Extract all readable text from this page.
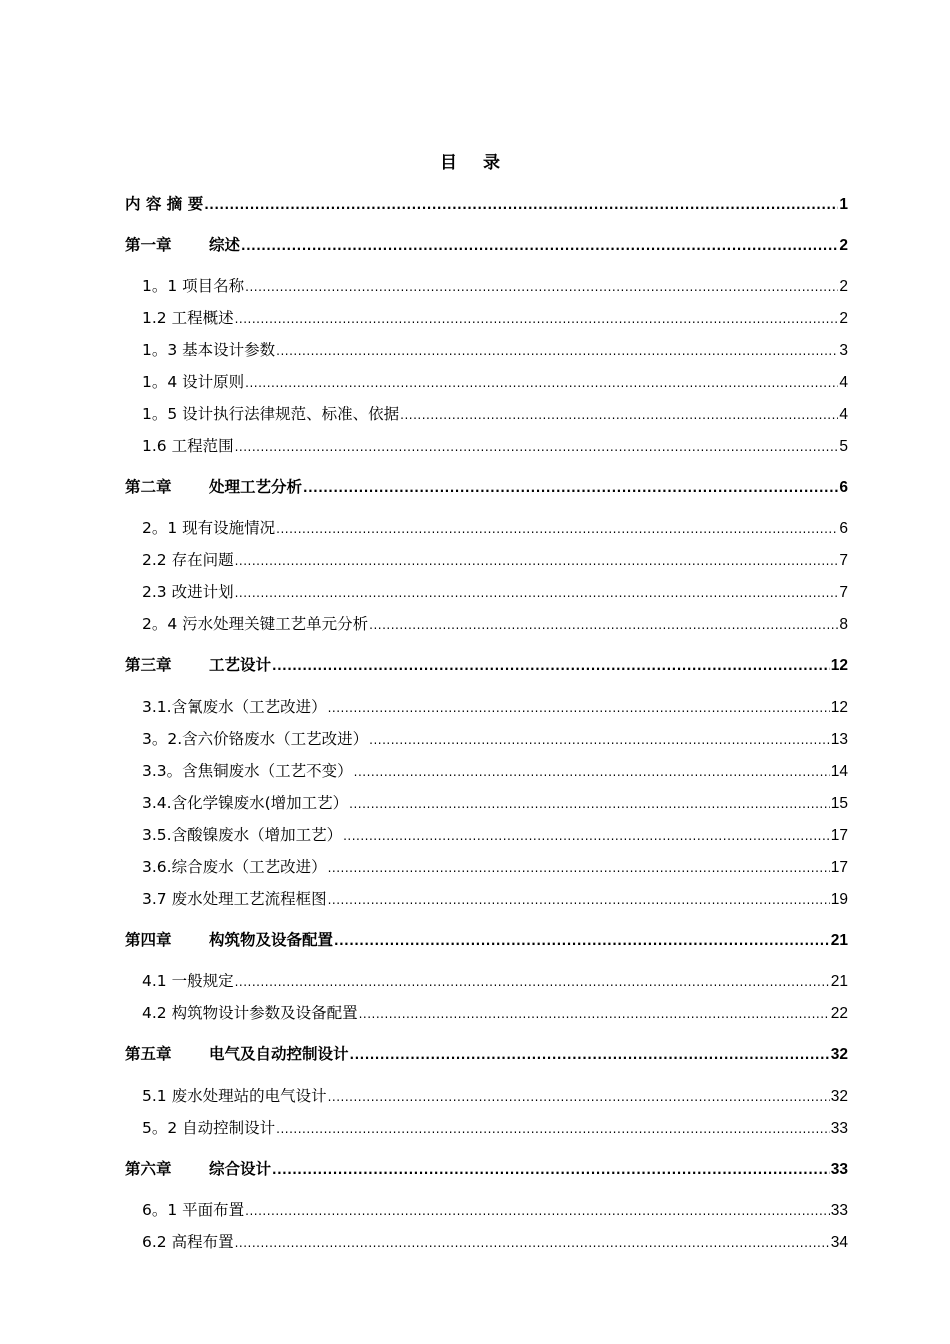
目 录
内 容 摘 要 .....	1
第一章 综述 .....	2
1。1 项目名称 .....	2
1.2 工程概述 .....	2
1。3 基本设计参数 .....	3
1。4 设计原则 .....	4
1。5 设计执行法律规范、标准、依据 .....	4
1.6 工程范围 .....	5
第二章 处理工艺分析 .....	6
2。1 现有设施情况 .....	6
2.2 存在问题 .....	7
2.3 改进计划 .....	7
2。4 污水处理关键工艺单元分析 .....	8
第三章 工艺设计 .....	12
3.1.含氰废水（工艺改进） .....	12
3。2.含六价铬废水（工艺改进） .....	13
3.3。含焦铜废水（工艺不变） .....	14
3.4.含化学镍废水(增加工艺） .....	15
3.5.含酸镍废水（增加工艺） .....	17
3.6.综合废水（工艺改进） .....	17
3.7 废水处理工艺流程框图 .....	19
第四章 构筑物及设备配置 .....	21
4.1 一般规定 .....	21
4.2 构筑物设计参数及设备配置 .....	22
第五章 电气及自动控制设计 .....	32
5.1 废水处理站的电气设计 .....	32
5。2 自动控制设计 .....	33
第六章 综合设计 .....	33
6。1 平面布置 .....	33
6.2 高程布置 .....	34
